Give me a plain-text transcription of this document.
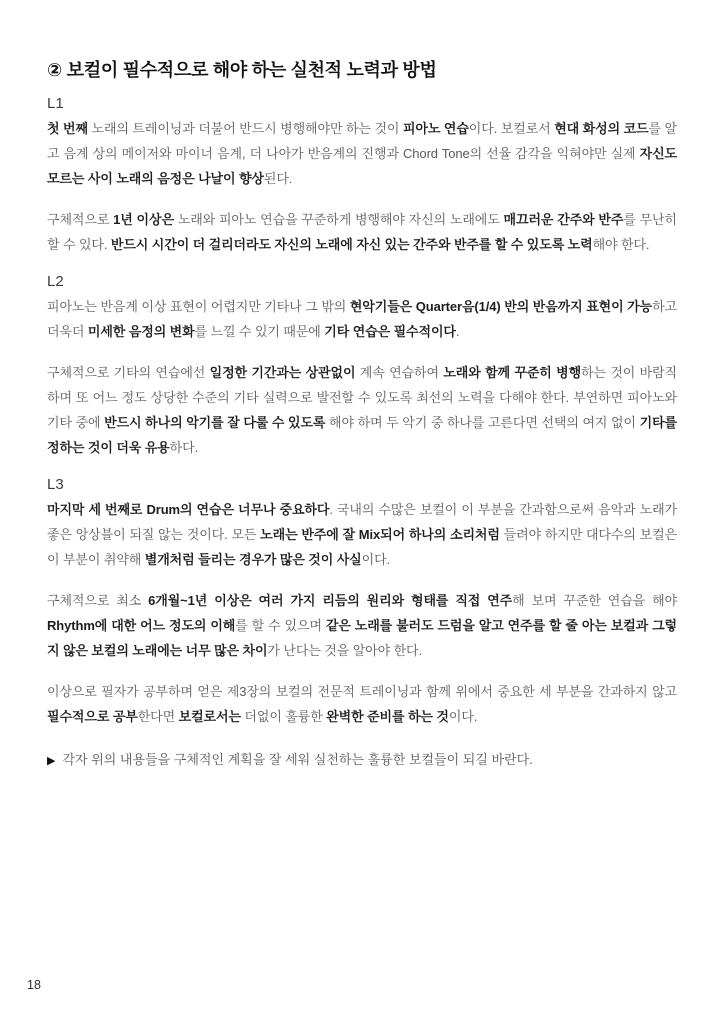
② 보컬이 필수적으로 해야 하는 실천적 노력과 방법
L1

첫 번째 노래의 트레이닝과 더불어 반드시 병행해야만 하는 것이 피아노 연습이다. 보컬로서 현대 화성의 코드를 알고 음계 상의 메이저와 마이너 음계, 더 나아가 반음계의 진행과 Chord Tone의 선율 감각을 익혀야만 실제 자신도 모르는 사이 노래의 음정은 나날이 향상된다.

구체적으로 1년 이상은 노래와 피아노 연습을 꾸준하게 병행해야 자신의 노래에도 매끄러운 간주와 반주를 무난히 할 수 있다. 반드시 시간이 더 걸리더라도 자신의 노래에 자신 있는 간주와 반주를 할 수 있도록 노력해야 한다.

L2

피아노는 반음계 이상 표현이 어렵지만 기타나 그 밖의 현악기들은 Quarter음(1/4) 반의 반음까지 표현이 가능하고 더욱더 미세한 음정의 변화를 느낄 수 있기 때문에 기타 연습은 필수적이다.

구체적으로 기타의 연습에선 일정한 기간과는 상관없이 계속 연습하여 노래와 함께 꾸준히 병행하는 것이 바람직하며 또 어느 정도 상당한 수준의 기타 실력으로 발전할 수 있도록 최선의 노력을 다해야 한다. 부연하면 피아노와 기타 중에 반드시 하나의 악기를 잘 다룰 수 있도록 해야 하며 두 악기 중 하나를 고른다면 선택의 여지 없이 기타를 정하는 것이 더욱 유용하다.

L3

마지막 세 번째로 Drum의 연습은 너무나 중요하다. 국내의 수많은 보컬이 이 부분을 간과함으로써 음악과 노래가 좋은 앙상블이 되질 않는 것이다. 모든 노래는 반주에 잘 Mix되어 하나의 소리처럼 들려야 하지만 대다수의 보컬은 이 부분이 취약해 별개처럼 들리는 경우가 많은 것이 사실이다.

구체적으로 최소 6개월~1년 이상은 여러 가지 리듬의 원리와 형태를 직접 연주해 보며 꾸준한 연습을 해야 Rhythm에 대한 어느 정도의 이해를 할 수 있으며 같은 노래를 불러도 드럼을 알고 연주를 할 줄 아는 보컬과 그렇지 않은 보컬의 노래에는 너무 많은 차이가 난다는 것을 알아야 한다.

이상으로 필자가 공부하며 얻은 제3장의 보컬의 전문적 트레이닝과 함께 위에서 중요한 세 부분을 간과하지 않고 필수적으로 공부한다면 보컬로서는 더없이 훌륭한 완벽한 준비를 하는 것이다.

▶ 각자 위의 내용들을 구체적인 계획을 잘 세워 실천하는 훌륭한 보컬들이 되길 바란다.
18
